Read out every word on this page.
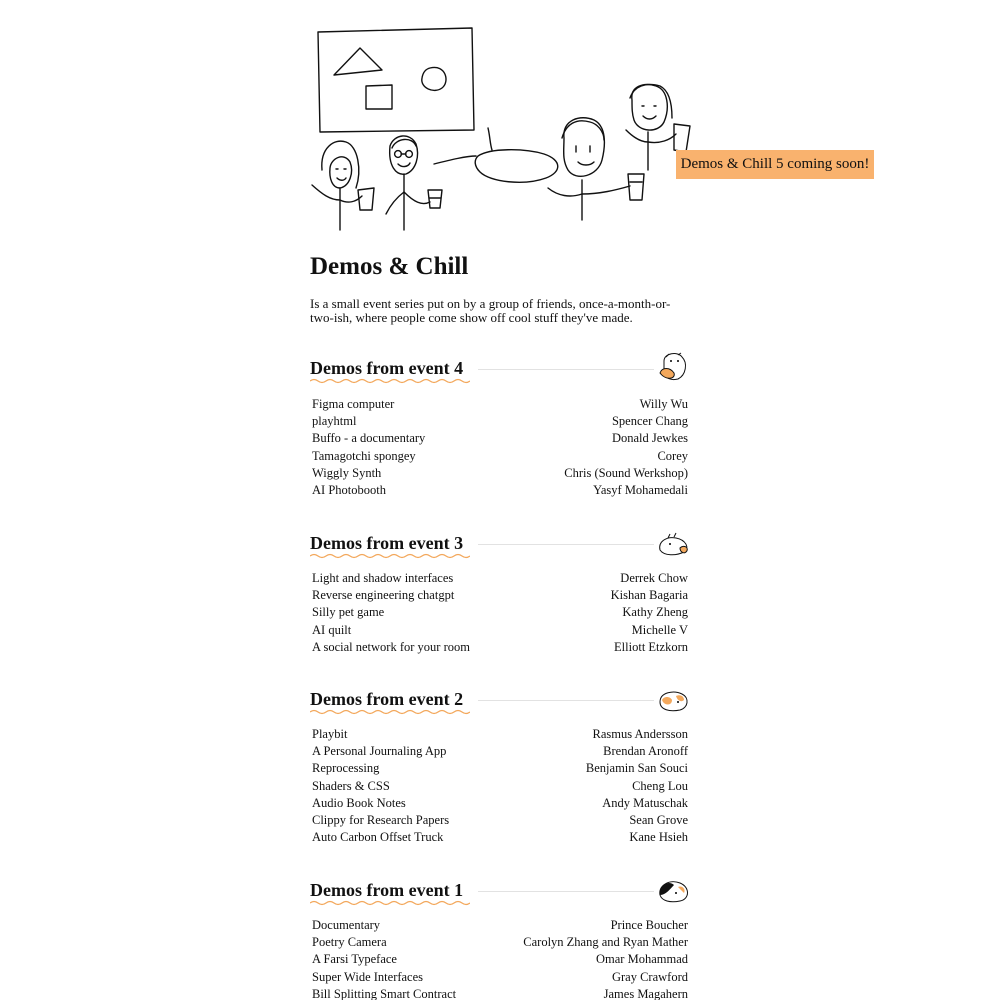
Demos & Chill 5 coming soon!
Demos & Chill

Is a small event series put on by a group of friends, once-a-month-or-two-ish, where people come show off cool stuff they've made.

Demos from event 4
Figma computer	Willy Wu
playhtml	Spencer Chang
Buffo - a documentary	Donald Jewkes
Tamagotchi spongey	Corey
Wiggly Synth	Chris (Sound Werkshop)
AI Photobooth	Yasyf Mohamedali
Demos from event 3
Light and shadow interfaces	Derrek Chow
Reverse engineering chatgpt	Kishan Bagaria
Silly pet game	Kathy Zheng
AI quilt	Michelle V
A social network for your room	Elliott Etzkorn
Demos from event 2
Playbit	Rasmus Andersson
A Personal Journaling App	Brendan Aronoff
Reprocessing	Benjamin San Souci
Shaders & CSS	Cheng Lou
Audio Book Notes	Andy Matuschak
Clippy for Research Papers	Sean Grove
Auto Carbon Offset Truck	Kane Hsieh
Demos from event 1
Documentary	Prince Boucher
Poetry Camera	Carolyn Zhang and Ryan Mather
A Farsi Typeface	Omar Mohammad
Super Wide Interfaces	Gray Crawford
Bill Splitting Smart Contract	James Magahern
